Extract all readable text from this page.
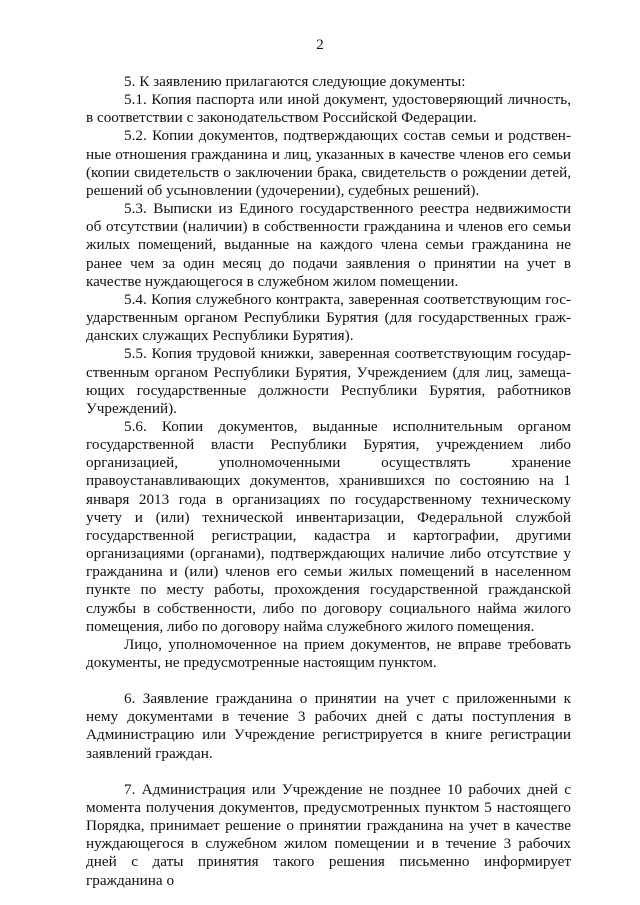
2

5. К заявлению прилагаются следующие документы:

5.1. Копия паспорта или иной документ, удостоверяющий личность, в соответствии с законодательством Российской Федерации.

5.2. Копии документов, подтверждающих состав семьи и родственные отношения гражданина и лиц, указанных в качестве членов его семьи (копии свидетельств о заключении брака, свидетельств о рождении детей, решений об усыновлении (удочерении), судебных решений).

5.3. Выписки из Единого государственного реестра недвижимости об отсутствии (наличии) в собственности гражданина и членов его семьи жилых помещений, выданные на каждого члена семьи гражданина не ранее чем за один месяц до подачи заявления о принятии на учет в качестве нуждающегося в служебном жилом помещении.

5.4. Копия служебного контракта, заверенная соответствующим государственным органом Республики Бурятия (для государственных гражданских служащих Республики Бурятия).

5.5. Копия трудовой книжки, заверенная соответствующим государственным органом Республики Бурятия, Учреждением (для лиц, замещающих государственные должности Республики Бурятия, работников Учреждений).

5.6. Копии документов, выданные исполнительным органом государственной власти Республики Бурятия, учреждением либо организацией, уполномоченными осуществлять хранение правоустанавливающих документов, хранившихся по состоянию на 1 января 2013 года в организациях по государственному техническому учету и (или) технической инвентаризации, Федеральной службой государственной регистрации, кадастра и картографии, другими организациями (органами), подтверждающих наличие либо отсутствие у гражданина и (или) членов его семьи жилых помещений в населенном пункте по месту работы, прохождения государственной гражданской службы в собственности, либо по договору социального найма жилого помещения, либо по договору найма служебного жилого помещения.

Лицо, уполномоченное на прием документов, не вправе требовать документы, не предусмотренные настоящим пунктом.

6. Заявление гражданина о принятии на учет с приложенными к нему документами в течение 3 рабочих дней с даты поступления в Администрацию или Учреждение регистрируется в книге регистрации заявлений граждан.

7. Администрация или Учреждение не позднее 10 рабочих дней с момента получения документов, предусмотренных пунктом 5 настоящего Порядка, принимает решение о принятии гражданина на учет в качестве нуждающегося в служебном жилом помещении и в течение 3 рабочих дней с даты принятия такого решения письменно информирует гражданина о
